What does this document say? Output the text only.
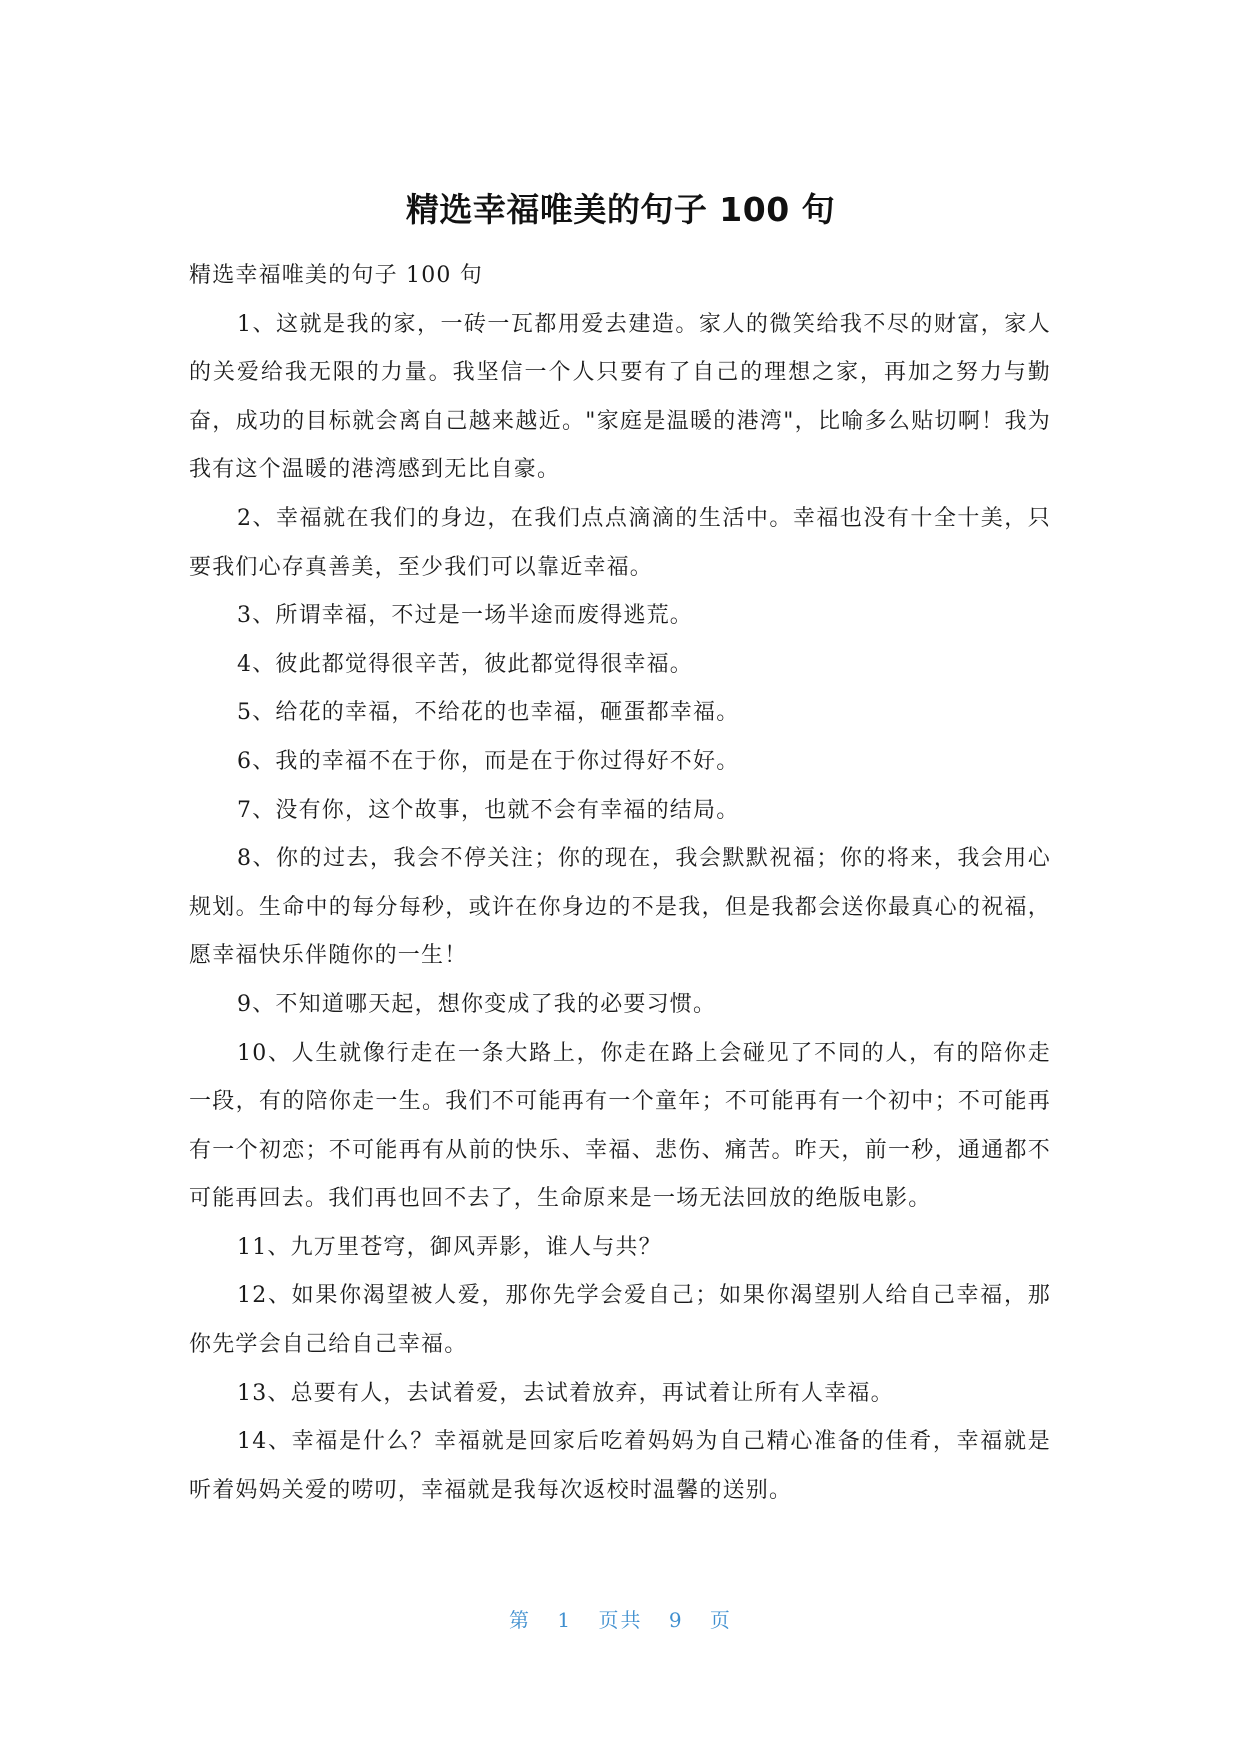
精选幸福唯美的句子 100 句

精选幸福唯美的句子 100 句

1、这就是我的家，一砖一瓦都用爱去建造。家人的微笑给我不尽的财富，家人的关爱给我无限的力量。我坚信一个人只要有了自己的理想之家，再加之努力与勤奋，成功的目标就会离自己越来越近。"家庭是温暖的港湾"，比喻多么贴切啊！我为我有这个温暖的港湾感到无比自豪。

2、幸福就在我们的身边，在我们点点滴滴的生活中。幸福也没有十全十美，只要我们心存真善美，至少我们可以靠近幸福。

3、所谓幸福，不过是一场半途而废得逃荒。

4、彼此都觉得很辛苦，彼此都觉得很幸福。

5、给花的幸福，不给花的也幸福，砸蛋都幸福。

6、我的幸福不在于你，而是在于你过得好不好。

7、没有你，这个故事，也就不会有幸福的结局。

8、你的过去，我会不停关注；你的现在，我会默默祝福；你的将来，我会用心规划。生命中的每分每秒，或许在你身边的不是我，但是我都会送你最真心的祝福，愿幸福快乐伴随你的一生！

9、不知道哪天起，想你变成了我的必要习惯。

10、人生就像行走在一条大路上，你走在路上会碰见了不同的人，有的陪你走一段，有的陪你走一生。我们不可能再有一个童年；不可能再有一个初中；不可能再有一个初恋；不可能再有从前的快乐、幸福、悲伤、痛苦。昨天，前一秒，通通都不可能再回去。我们再也回不去了，生命原来是一场无法回放的绝版电影。

11、九万里苍穹，御风弄影，谁人与共？

12、如果你渴望被人爱，那你先学会爱自己；如果你渴望别人给自己幸福，那你先学会自己给自己幸福。

13、总要有人，去试着爱，去试着放弃，再试着让所有人幸福。

14、幸福是什么？幸福就是回家后吃着妈妈为自己精心准备的佳肴，幸福就是听着妈妈关爱的唠叨，幸福就是我每次返校时温馨的送别。

第 1 页共 9 页
